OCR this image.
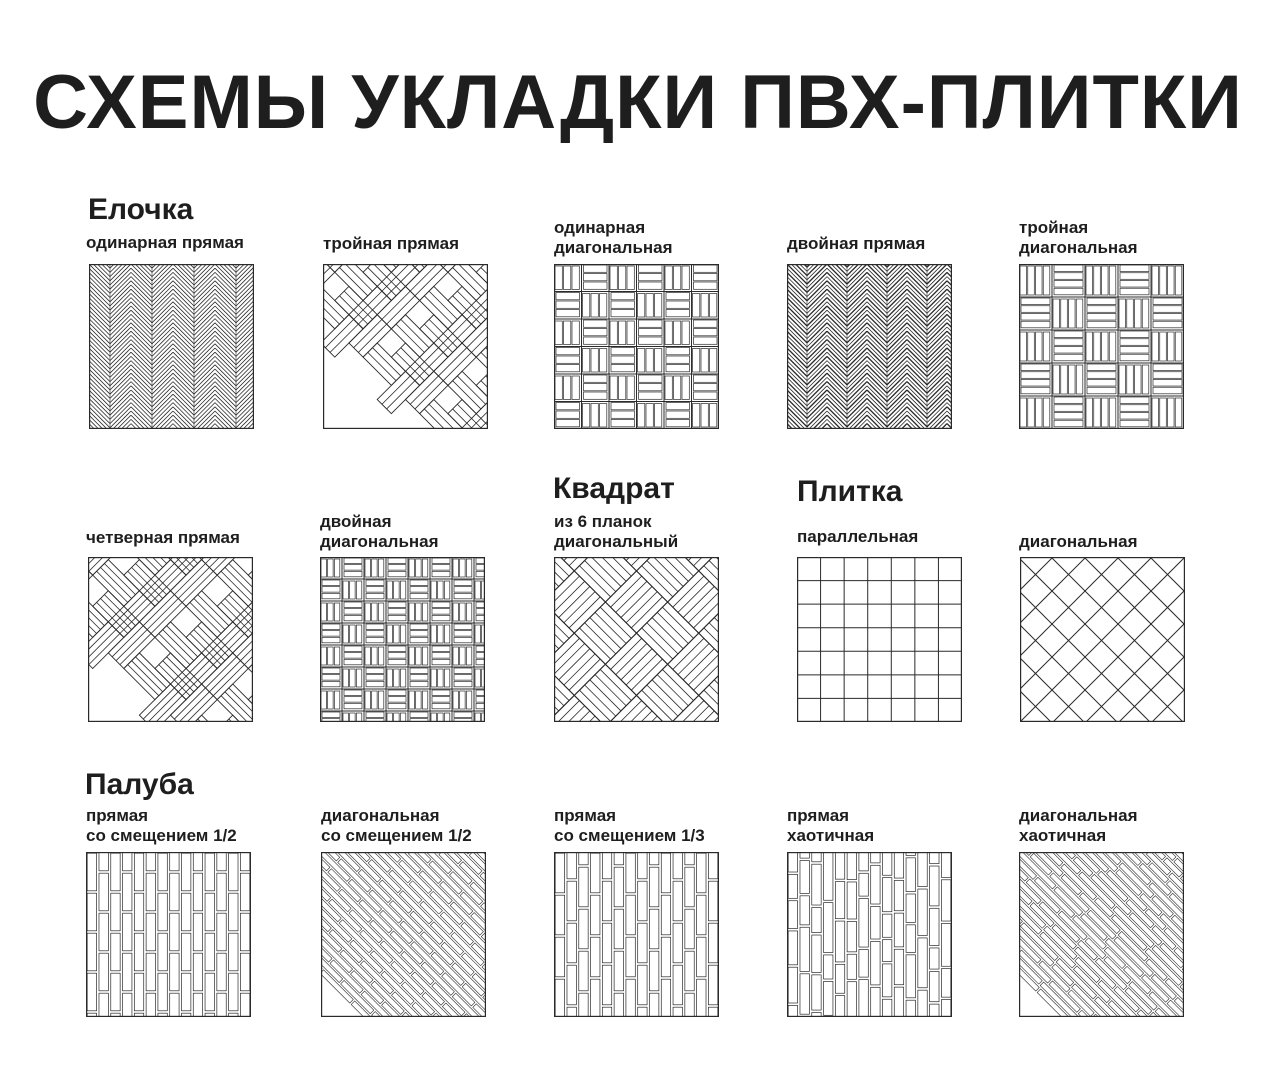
СХЕМЫ УКЛАДКИ ПВХ-ПЛИТКИ
Елочка
Квадрат	Плитка
Палуба
одинарная прямая	тройная прямая
одинарная
диагональная	двойная прямая
тройная
диагональная
четверная прямая
двойная
диагональная
из 6 планок
диагональный	параллельная	диагональная
прямая
со смещением 1/2
диагональная
со смещением 1/2
прямая
со смещением 1/3
прямая
хаотичная
диагональная
хаотичная
